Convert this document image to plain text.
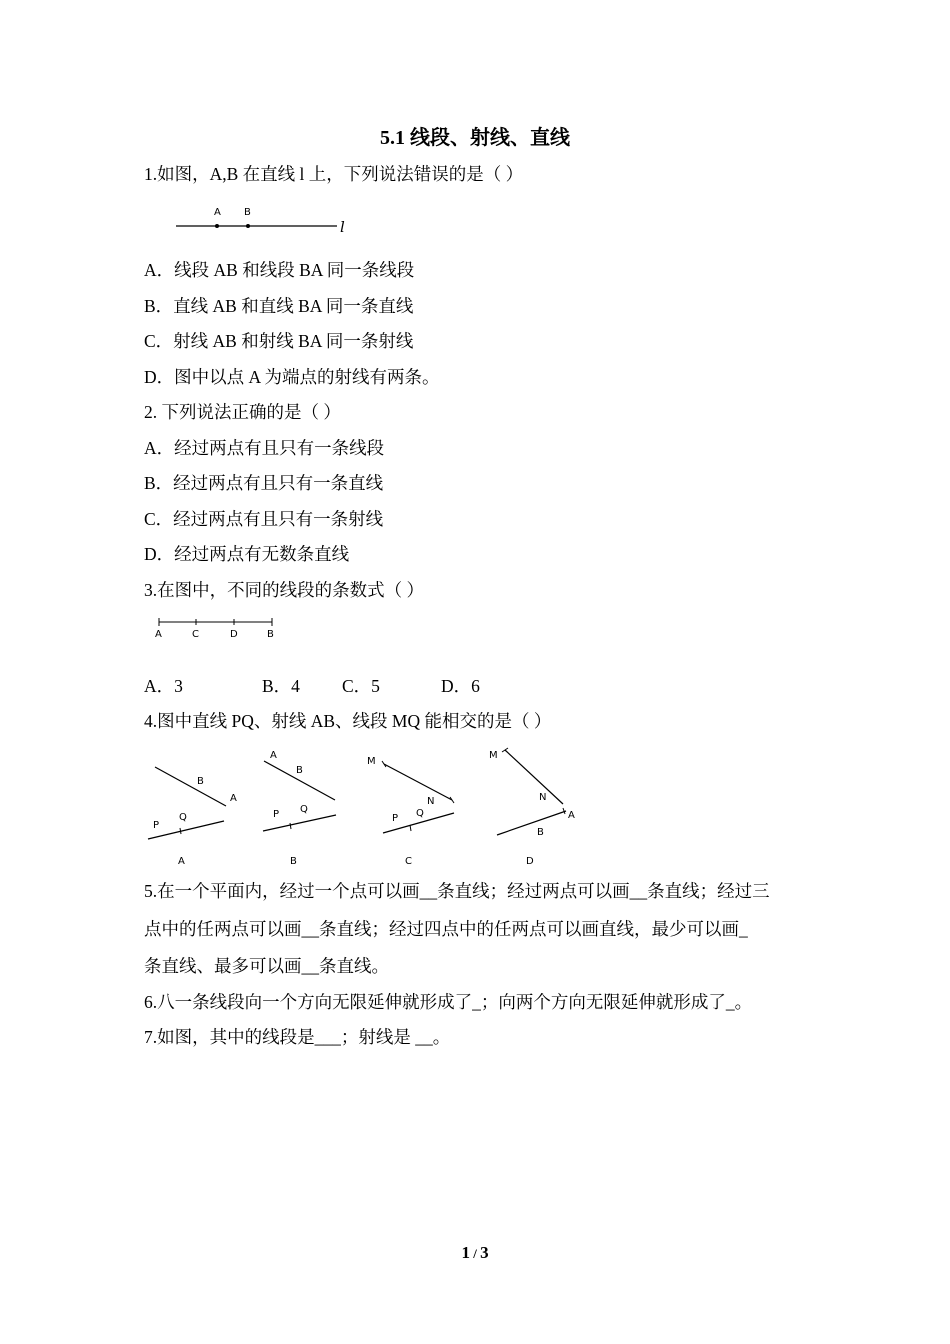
5.1 线段、射线、直线
1.如图，A,B 在直线 l 上，下列说法错误的是（ ）
A B
l
A．线段 AB 和线段 BA 同一条线段
B．直线 AB 和直线 BA 同一条直线
C．射线 AB 和射线 BA 同一条射线
D．图中以点 A 为端点的射线有两条。
2. 下列说法正确的是（ ）
A．经过两点有且只有一条线段
B．经过两点有且只有一条直线
C．经过两点有且只有一条射线
D．经过两点有无数条直线
3.在图中，不同的线段的条数式（ ）
A	C	D	B
A．3	B．4 C．5	D．6
4.图中直线 PQ、射线 AB、线段 MQ 能相交的是（ ）
B
A
P
Q
A
A
B
P Q
B
M
N
P Q
C
M
N
A
B
D
5.在一个平面内，经过一个点可以画__条直线；经过两点可以画__条直线；经过三
点中的任两点可以画__条直线；经过四点中的任两点可以画直线，最少可以画_
条直线、最多可以画__条直线。
6.八一条线段向一个方向无限延伸就形成了_；向两个方向无限延伸就形成了_。
7.如图，其中的线段是___；射线是 __。
1 / 3
